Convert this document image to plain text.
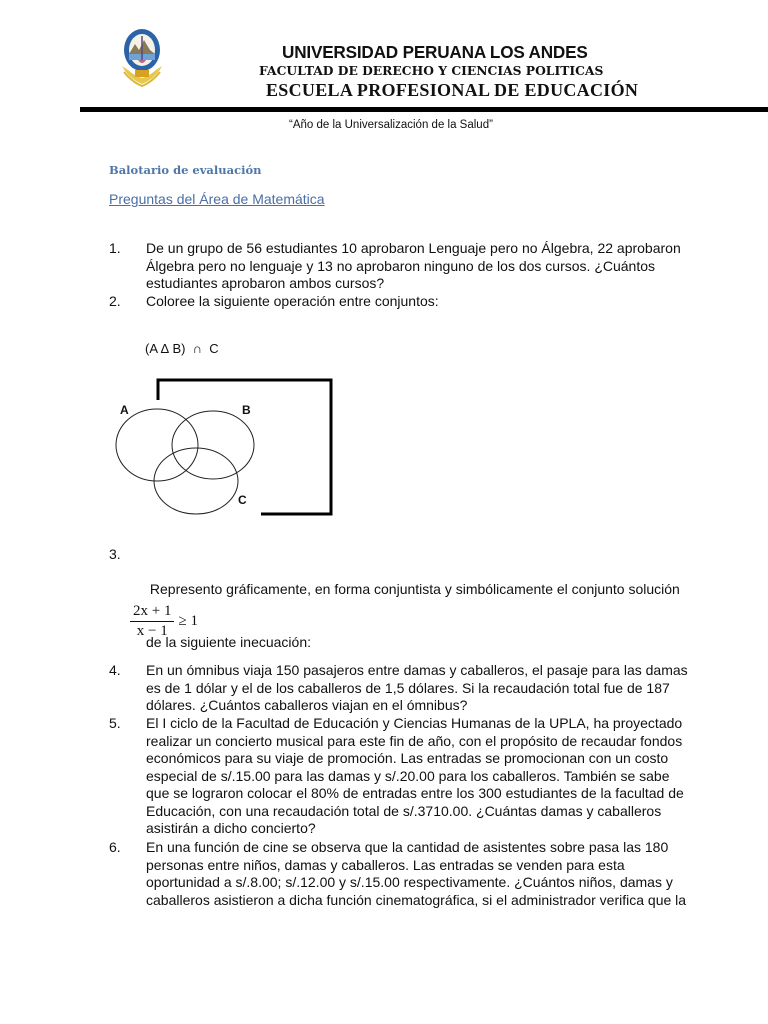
UNIVERSIDAD PERUANA LOS ANDES
FACULTAD DE DERECHO Y CIENCIAS POLITICAS
ESCUELA PROFESIONAL DE EDUCACIÓN
“Año de la Universalización de la Salud”
Balotario de evaluación
Preguntas del Área de Matemática
1. De un grupo de 56 estudiantes 10 aprobaron Lenguaje pero no Álgebra, 22 aprobaron
Álgebra pero no lenguaje y 13 no aprobaron ninguno de los dos cursos. ¿Cuántos
estudiantes aprobaron ambos cursos?
2. Coloree la siguiente operación entre conjuntos:
(A ∆ B)  ∩  C
A	B
C
3.

Represento gráficamente, en forma conjuntista y simbólicamente el conjunto solución

de la siguiente inecuación:

$\frac{2x + 1}{x - 1} \ge 1$
4. En un ómnibus viaja 150 pasajeros entre damas y caballeros, el pasaje para las damas
es de 1 dólar y el de los caballeros de 1,5 dólares. Si la recaudación total fue de 187
dólares. ¿Cuántos caballeros viajan en el ómnibus?
5. El I ciclo de la Facultad de Educación y Ciencias Humanas de la UPLA, ha proyectado
realizar un concierto musical para este fin de año, con el propósito de recaudar fondos
económicos para su viaje de promoción. Las entradas se promocionan con un costo
especial de s/.15.00 para las damas y s/.20.00 para los caballeros. También se sabe
que se lograron colocar el 80% de entradas entre los 300 estudiantes de la facultad de
Educación, con una recaudación total de s/.3710.00. ¿Cuántas damas y caballeros
asistirán a dicho concierto?
6. En una función de cine se observa que la cantidad de asistentes sobre pasa las 180
personas entre niños, damas y caballeros. Las entradas se venden para esta
oportunidad a s/.8.00; s/.12.00 y s/.15.00 respectivamente. ¿Cuántos niños, damas y
caballeros asistieron a dicha función cinematográfica, si el administrador verifica que la
